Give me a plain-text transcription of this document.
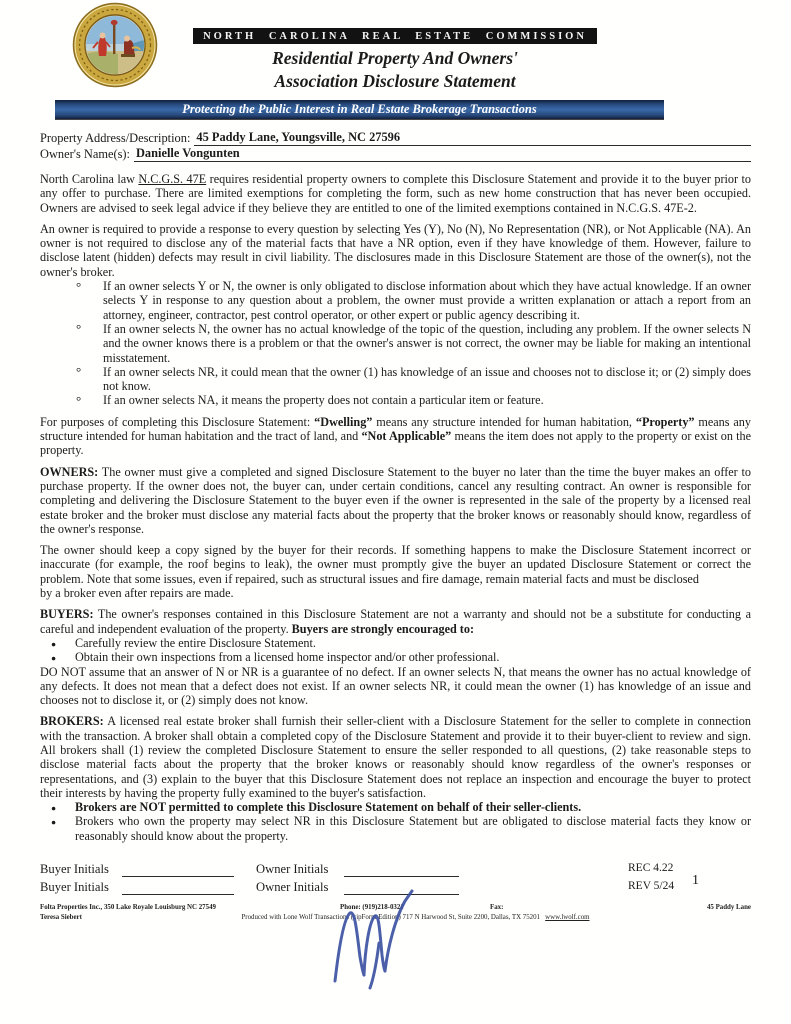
NORTH CAROLINA REAL ESTATE COMMISSION
Residential Property And Owners'
Association Disclosure Statement
Protecting the Public Interest in Real Estate Brokerage Transactions
Property Address/Description: 45 Paddy Lane, Youngsville, NC 27596
Owner's Name(s): Danielle Vongunten

North Carolina law N.C.G.S. 47E requires residential property owners to complete this Disclosure Statement and provide it to the buyer prior to any offer to purchase. There are limited exemptions for completing the form, such as new home construction that has never been occupied. Owners are advised to seek legal advice if they believe they are entitled to one of the limited exemptions contained in N.C.G.S. 47E-2.

An owner is required to provide a response to every question by selecting Yes (Y), No (N), No Representation (NR), or Not Applicable (NA). An owner is not required to disclose any of the material facts that have a NR option, even if they have knowledge of them. However, failure to disclose latent (hidden) defects may result in civil liability. The disclosures made in this Disclosure Statement are those of the owner(s), not the owner's broker.

° If an owner selects Y or N, the owner is only obligated to disclose information about which they have actual knowledge. If an owner selects Y in response to any question about a problem, the owner must provide a written explanation or attach a report from an attorney, engineer, contractor, pest control operator, or other expert or public agency describing it.
° If an owner selects N, the owner has no actual knowledge of the topic of the question, including any problem. If the owner selects N and the owner knows there is a problem or that the owner's answer is not correct, the owner may be liable for making an intentional misstatement.
° If an owner selects NR, it could mean that the owner (1) has knowledge of an issue and chooses not to disclose it; or (2) simply does not know.
° If an owner selects NA, it means the property does not contain a particular item or feature.

For purposes of completing this Disclosure Statement: “Dwelling” means any structure intended for human habitation, “Property” means any structure intended for human habitation and the tract of land, and “Not Applicable” means the item does not apply to the property or exist on the property.

OWNERS: The owner must give a completed and signed Disclosure Statement to the buyer no later than the time the buyer makes an offer to purchase property. If the owner does not, the buyer can, under certain conditions, cancel any resulting contract. An owner is responsible for completing and delivering the Disclosure Statement to the buyer even if the owner is represented in the sale of the property by a licensed real estate broker and the broker must disclose any material facts about the property that the broker knows or reasonably should know, regardless of the owner's response.

The owner should keep a copy signed by the buyer for their records. If something happens to make the Disclosure Statement incorrect or inaccurate (for example, the roof begins to leak), the owner must promptly give the buyer an updated Disclosure Statement or correct the problem. Note that some issues, even if repaired, such as structural issues and fire damage, remain material facts and must be disclosed
by a broker even after repairs are made.

BUYERS: The owner's responses contained in this Disclosure Statement are not a warranty and should not be a substitute for conducting a careful and independent evaluation of the property. Buyers are strongly encouraged to:

● Carefully review the entire Disclosure Statement.
● Obtain their own inspections from a licensed home inspector and/or other professional.

DO NOT assume that an answer of N or NR is a guarantee of no defect. If an owner selects N, that means the owner has no actual knowledge of any defects. It does not mean that a defect does not exist. If an owner selects NR, it could mean the owner (1) has knowledge of an issue and chooses not to disclose it, or (2) simply does not know.

BROKERS: A licensed real estate broker shall furnish their seller-client with a Disclosure Statement for the seller to complete in connection with the transaction. A broker shall obtain a completed copy of the Disclosure Statement and provide it to their buyer-client to review and sign. All brokers shall (1) review the completed Disclosure Statement to ensure the seller responded to all questions, (2) take reasonable steps to disclose material facts about the property that the broker knows or reasonably should know regardless of the owner's responses or representations, and (3) explain to the buyer that this Disclosure Statement does not replace an inspection and encourage the buyer to protect their interests by having the property fully examined to the buyer's satisfaction.

● Brokers are NOT permitted to complete this Disclosure Statement on behalf of their seller-clients.
● Brokers who own the property may select NR in this Disclosure Statement but are obligated to disclose material facts they know or reasonably should know about the property.
Buyer Initials	Owner Initials
Buyer Initials	Owner Initials
REC 4.22
REV 5/24 1
Folta Properties Inc., 350 Lake Royale Louisburg NC 27549	Phone: (919)218-0321	Fax:	45 Paddy Lane
Teresa Siebert	Produced with Lone Wolf Transactions (zipForm Edition) 717 N Harwood St, Suite 2200, Dallas, TX 75201 www.lwolf.com
